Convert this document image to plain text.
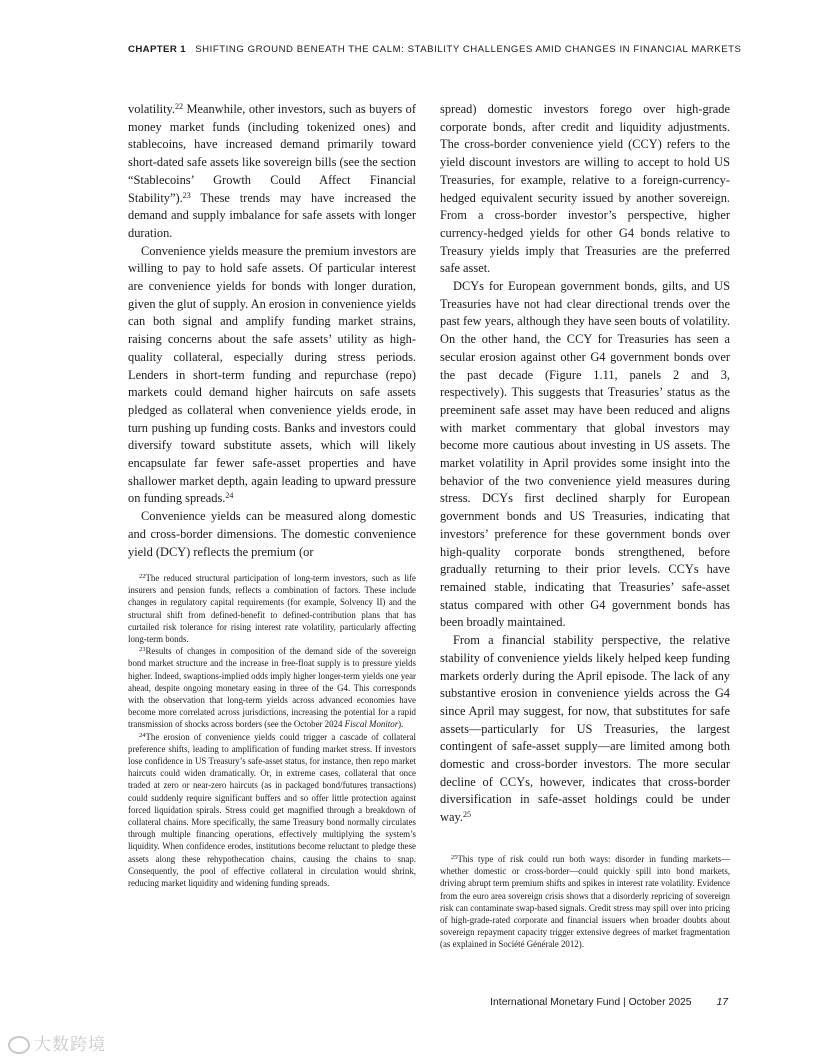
CHAPTER 1 SHIFTING GROUND BENEATH THE CALM: STABILITY CHALLENGES AMID CHANGES IN FINANCIAL MARKETS

volatility.$^{22}$ Meanwhile, other investors, such as buyers of money market funds (including tokenized ones) and stablecoins, have increased demand primarily toward short-dated safe assets like sovereign bills (see the section “Stablecoins’ Growth Could Affect Financial Stability”).$^{23}$ These trends may have increased the demand and supply imbalance for safe assets with longer duration.

Convenience yields measure the premium investors are willing to pay to hold safe assets. Of particular interest are convenience yields for bonds with longer duration, given the glut of supply. An erosion in convenience yields can both signal and amplify funding market strains, raising concerns about the safe assets’ utility as high-quality collateral, especially during stress periods. Lenders in short-term funding and repurchase (repo) markets could demand higher haircuts on safe assets pledged as collateral when convenience yields erode, in turn pushing up funding costs. Banks and investors could diversify toward substitute assets, which will likely encapsulate far fewer safe-asset properties and have shallower market depth, again leading to upward pressure on funding spreads.$^{24}$

Convenience yields can be measured along domestic and cross-border dimensions. The domestic convenience yield (DCY) reflects the premium (or

spread) domestic investors forego over high-grade corporate bonds, after credit and liquidity adjustments. The cross-border convenience yield (CCY) refers to the yield discount investors are willing to accept to hold US Treasuries, for example, relative to a foreign-currency-hedged equivalent security issued by another sovereign. From a cross-border investor’s perspective, higher currency-hedged yields for other G4 bonds relative to Treasury yields imply that Treasuries are the preferred safe asset.

DCYs for European government bonds, gilts, and US Treasuries have not had clear directional trends over the past few years, although they have seen bouts of volatility. On the other hand, the CCY for Treasuries has seen a secular erosion against other G4 government bonds over the past decade (Figure 1.11, panels 2 and 3, respectively). This suggests that Treasuries’ status as the preeminent safe asset may have been reduced and aligns with market commentary that global investors may become more cautious about investing in US assets. The market volatility in April provides some insight into the behavior of the two convenience yield measures during stress. DCYs first declined sharply for European government bonds and US Treasuries, indicating that investors’ preference for these government bonds over high-quality corporate bonds strengthened, before gradually returning to their prior levels. CCYs have remained stable, indicating that Treasuries’ safe-asset status compared with other G4 government bonds has been broadly maintained.

From a financial stability perspective, the relative stability of convenience yields likely helped keep funding markets orderly during the April episode. The lack of any substantive erosion in convenience yields across the G4 since April may suggest, for now, that substitutes for safe assets—particularly for US Treasuries, the largest contingent of safe-asset supply—are limited among both domestic and cross-border investors. The more secular decline of CCYs, however, indicates that cross-border diversification in safe-asset holdings could be under way.$^{25}$

$^{22}$The reduced structural participation of long-term investors, such as life insurers and pension funds, reflects a combination of factors. These include changes in regulatory capital requirements (for example, Solvency II) and the structural shift from defined-benefit to defined-contribution plans that has curtailed risk tolerance for rising interest rate volatility, particularly affecting long-term bonds.

$^{23}$Results of changes in composition of the demand side of the sovereign bond market structure and the increase in free-float supply is to pressure yields higher. Indeed, swaptions-implied odds imply higher longer-term yields one year ahead, despite ongoing monetary easing in three of the G4. This corresponds with the observation that long-term yields across advanced economies have become more correlated across jurisdictions, increasing the potential for a rapid transmission of shocks across borders (see the October 2024 Fiscal Monitor).

$^{24}$The erosion of convenience yields could trigger a cascade of collateral preference shifts, leading to amplification of funding market stress. If investors lose confidence in US Treasury’s safe-asset status, for instance, then repo market haircuts could widen dramatically. Or, in extreme cases, collateral that once traded at zero or near-zero haircuts (as in packaged bond/futures transactions) could suddenly require significant buffers and so offer little protection against forced liquidation spirals. Stress could get magnified through a breakdown of collateral chains. More specifically, the same Treasury bond normally circulates through multiple financing operations, effectively multiplying the system’s liquidity. When confidence erodes, institutions become reluctant to pledge these assets along these rehypothecation chains, causing the chains to snap. Consequently, the pool of effective collateral in circulation would shrink, reducing market liquidity and widening funding spreads.

$^{25}$This type of risk could run both ways: disorder in funding markets—whether domestic or cross-border—could quickly spill into bond markets, driving abrupt term premium shifts and spikes in interest rate volatility. Evidence from the euro area sovereign crisis shows that a disorderly repricing of sovereign risk can contaminate swap-based signals. Credit stress may spill over into pricing of high-grade-rated corporate and financial issuers when broader doubts about sovereign repayment capacity trigger extensive degrees of market fragmentation (as explained in Société Générale 2012).

International Monetary Fund | October 2025 17
大数跨境
